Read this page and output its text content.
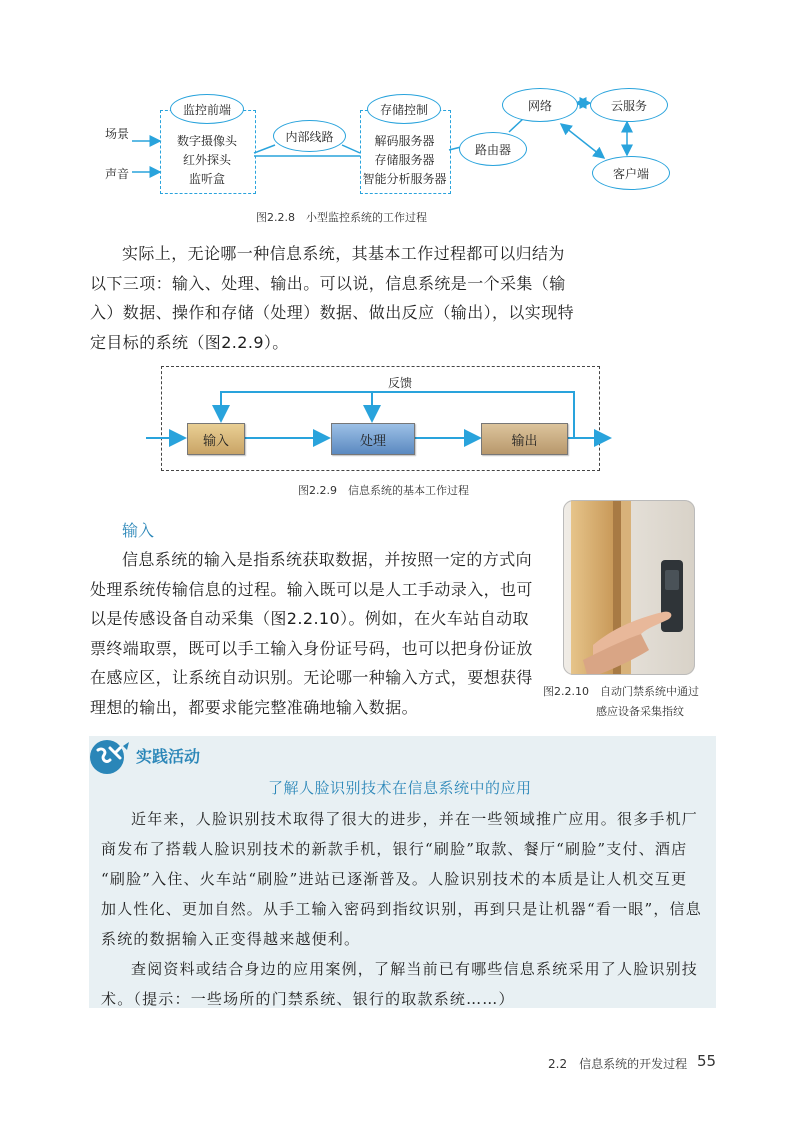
场景
声音
监控前端
数字摄像头
红外探头
监听盒
内部线路
存储控制
解码服务器
存储服务器
智能分析服务器
路由器
网络	云服务
客户端
图2.2.8　小型监控系统的工作过程
实际上，无论哪一种信息系统，其基本工作过程都可以归结为
以下三项：输入、处理、输出。可以说，信息系统是一个采集（输
入）数据、操作和存储（处理）数据、做出反应（输出），以实现特
定目标的系统（图2.2.9）。
反馈
输入	处理	输出
图2.2.9　信息系统的基本工作过程
输入
信息系统的输入是指系统获取数据，并按照一定的方式向
处理系统传输信息的过程。输入既可以是人工手动录入，也可
以是传感设备自动采集（图2.2.10）。例如，在火车站自动取
票终端取票，既可以手工输入身份证号码，也可以把身份证放
在感应区，让系统自动识别。无论哪一种输入方式，要想获得
理想的输出，都要求能完整准确地输入数据。
图2.2.10　自动门禁系统中通过
感应设备采集指纹
实践活动
了解人脸识别技术在信息系统中的应用
近年来，人脸识别技术取得了很大的进步，并在一些领域推广应用。很多手机厂
商发布了搭载人脸识别技术的新款手机，银行“刷脸”取款、餐厅“刷脸”支付、酒店
“刷脸”入住、火车站“刷脸”进站已逐渐普及。人脸识别技术的本质是让人机交互更
加人性化、更加自然。从手工输入密码到指纹识别，再到只是让机器“看一眼”，信息
系统的数据输入正变得越来越便利。
查阅资料或结合身边的应用案例，了解当前已有哪些信息系统采用了人脸识别技
术。（提示：一些场所的门禁系统、银行的取款系统……）
2.2　信息系统的开发过程 55
